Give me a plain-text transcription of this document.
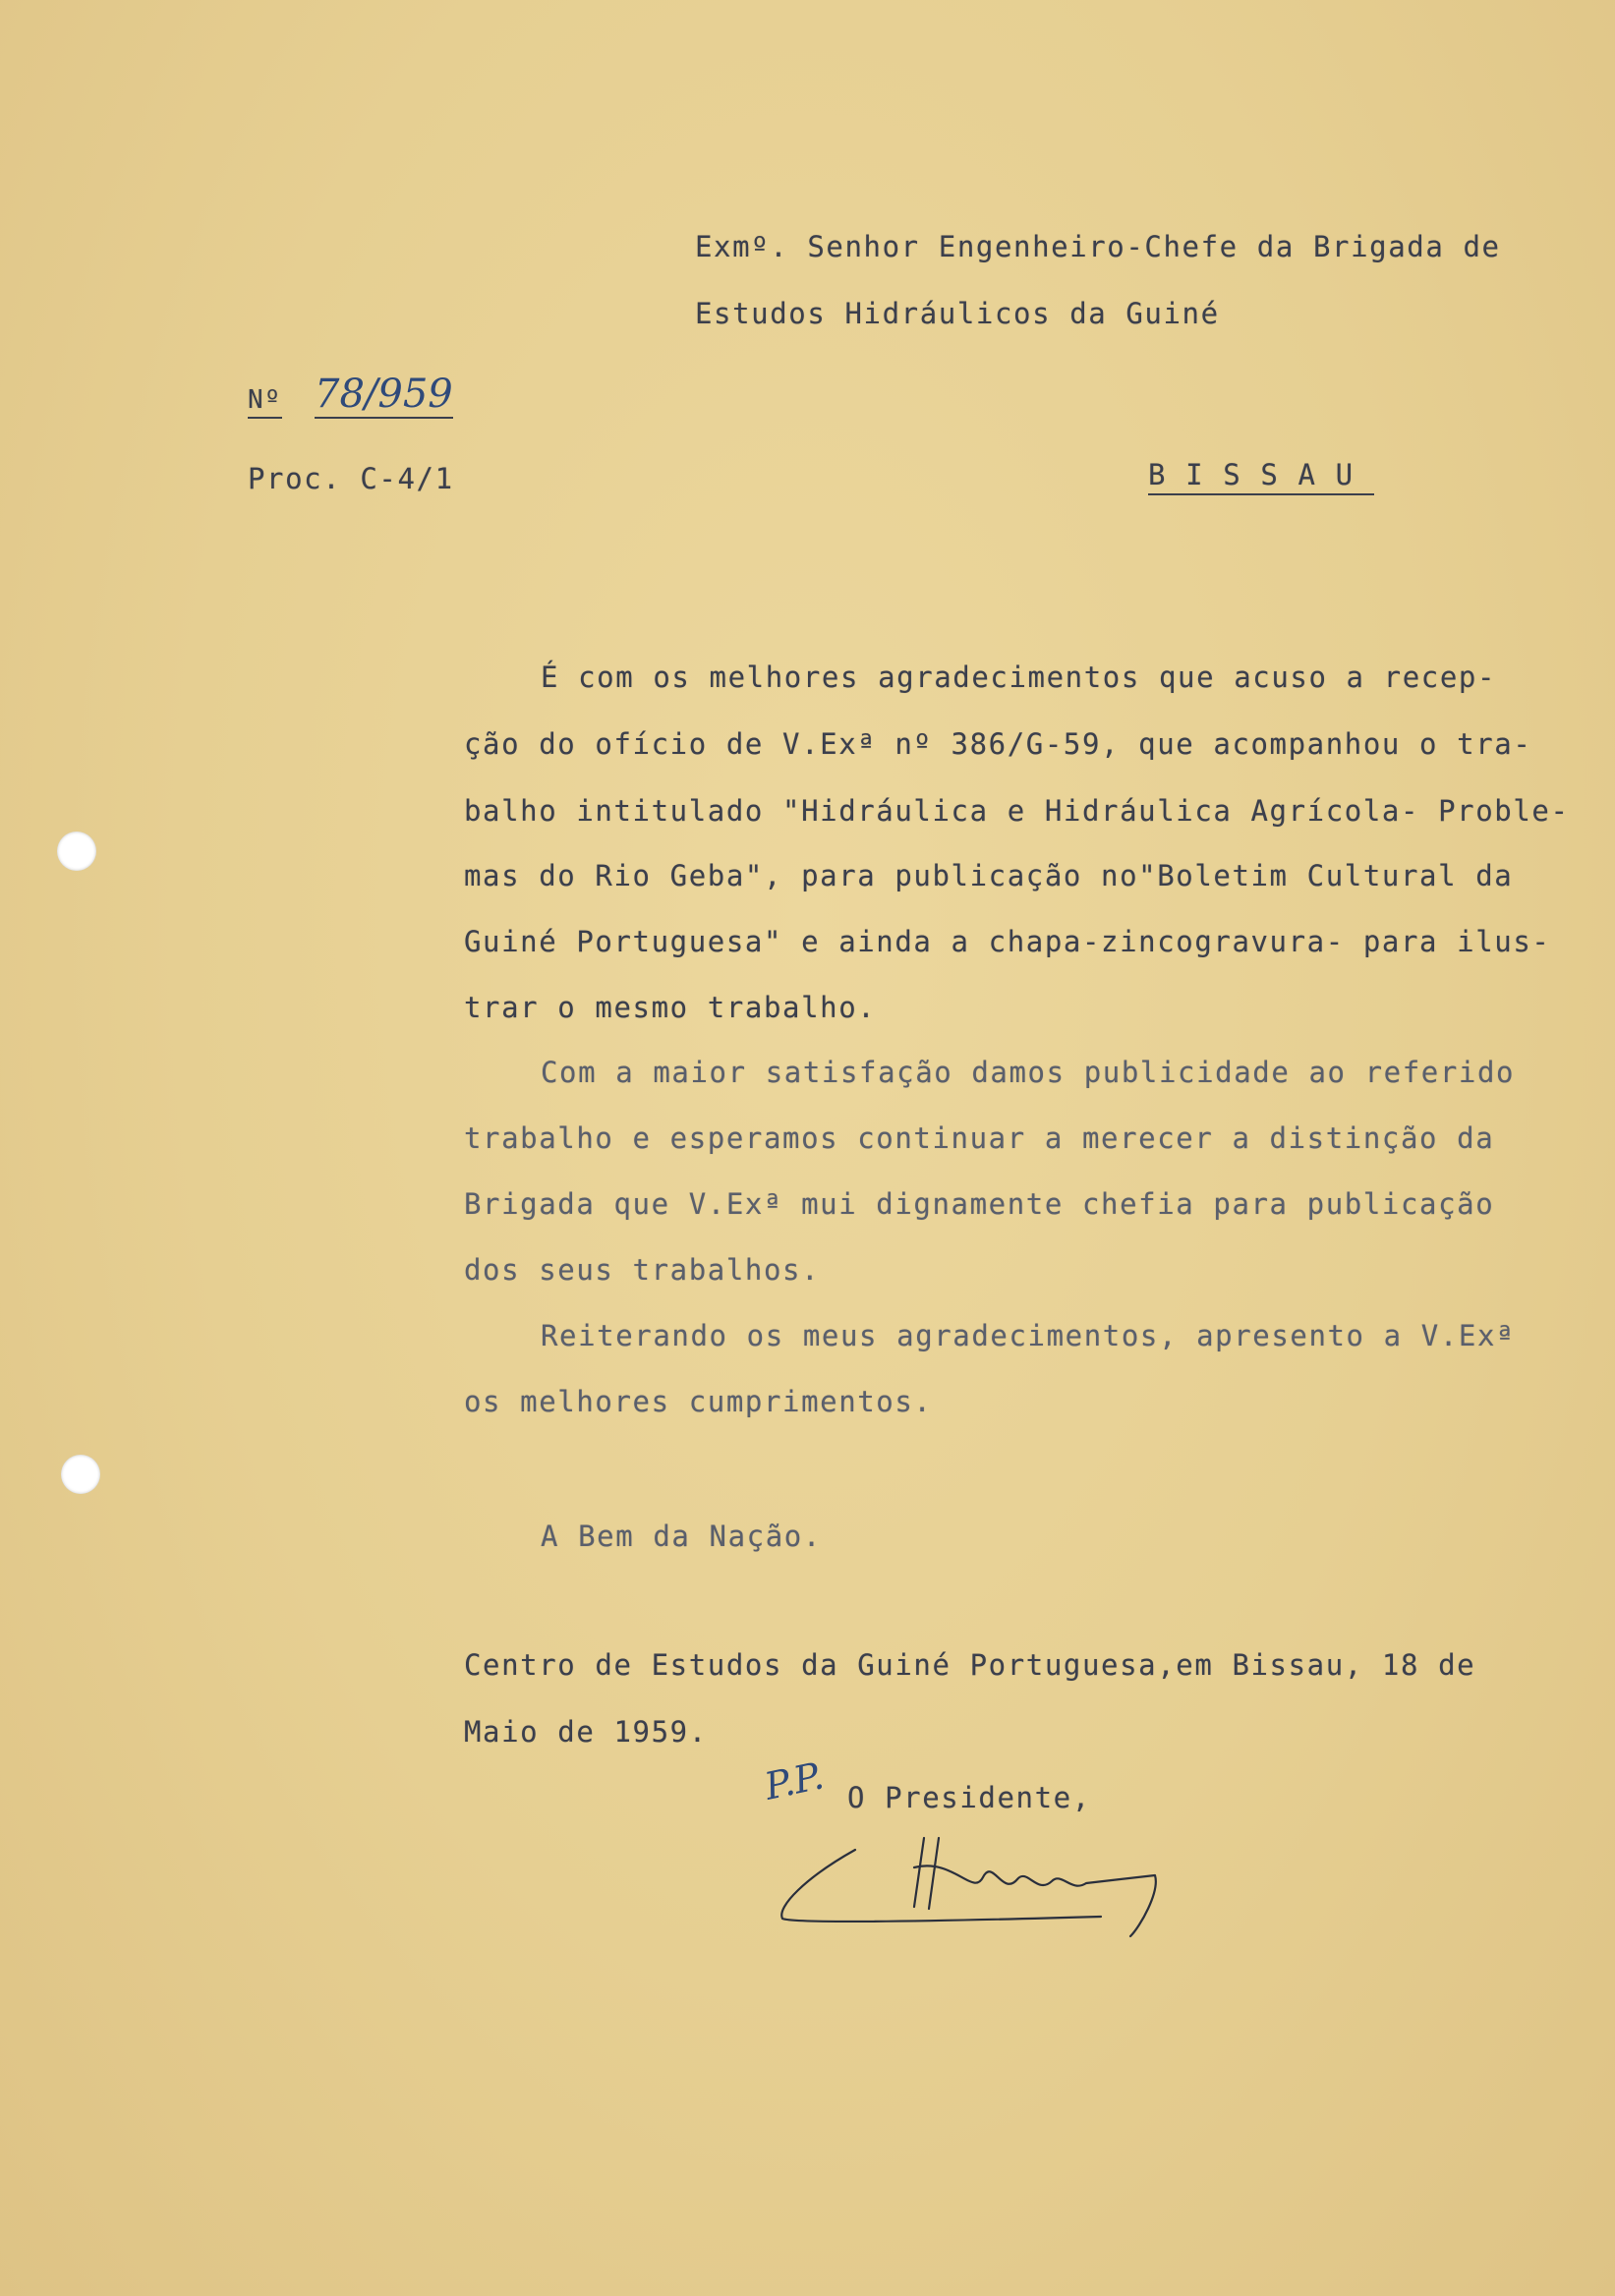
Exmº. Senhor Engenheiro-Chefe da Brigada de
Estudos Hidráulicos da Guiné
Nº 78/959
Proc. C-4/1	B I S S A U
É com os melhores agradecimentos que acuso a recep-
ção do ofício de V.Exª nº 386/G-59, que acompanhou o tra-
balho intitulado "Hidráulica e Hidráulica Agrícola- Proble-
mas do Rio Geba", para publicação no"Boletim Cultural da
Guiné Portuguesa" e ainda a chapa-zincogravura- para ilus-
trar o mesmo trabalho.
Com a maior satisfação damos publicidade ao referido
trabalho e esperamos continuar a merecer a distinção da
Brigada que V.Exª mui dignamente chefia para publicação
dos seus trabalhos.
Reiterando os meus agradecimentos, apresento a V.Exª
os melhores cumprimentos.
A Bem da Nação.
Centro de Estudos da Guiné Portuguesa,em Bissau, 18 de
Maio de 1959.
P.P. O Presidente,
